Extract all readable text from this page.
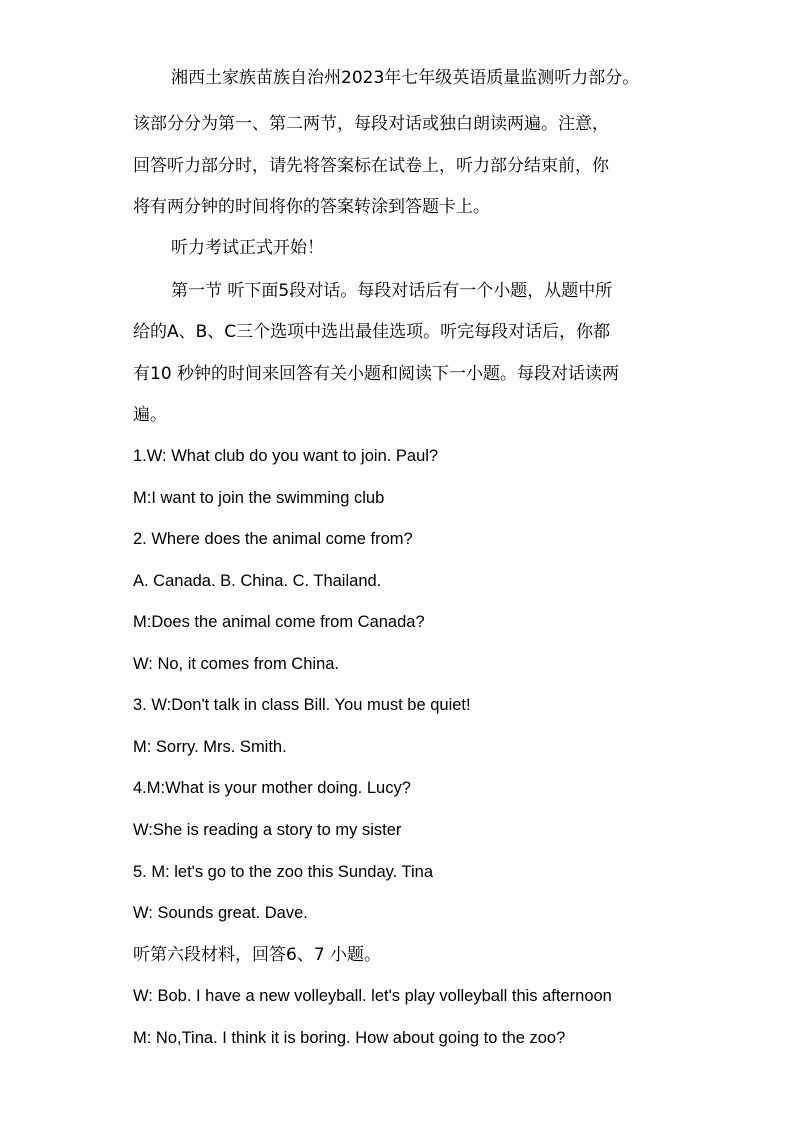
湘西土家族苗族自治州2023年七年级英语质量监测听力部分。
该部分分为第一、第二两节，每段对话或独白朗读两遍。注意，
回答听力部分时，请先将答案标在试卷上，听力部分结束前，你
将有两分钟的时间将你的答案转涂到答题卡上。
听力考试正式开始！
第一节 听下面5段对话。每段对话后有一个小题，从题中所
给的A、B、C三个选项中选出最佳选项。听完每段对话后，你都
有10 秒钟的时间来回答有关小题和阅读下一小题。每段对话读两
遍。
1.W: What club do you want to join. Paul?
M:I want to join the swimming club
2. Where does the animal come from?
A. Canada. B. China. C. Thailand.
M:Does the animal come from Canada?
W: No, it comes from China.
3. W:Don't talk in class Bill. You must be quiet!
M: Sorry. Mrs. Smith.
4.M:What is your mother doing. Lucy?
W:She is reading a story to my sister
5. M: let's go to the zoo this Sunday. Tina
W: Sounds great. Dave.
听第六段材料，回答6、7 小题。
W: Bob. I have a new volleyball. let's play volleyball this afternoon
M: No,Tina. I think it is boring. How about going to the zoo?
